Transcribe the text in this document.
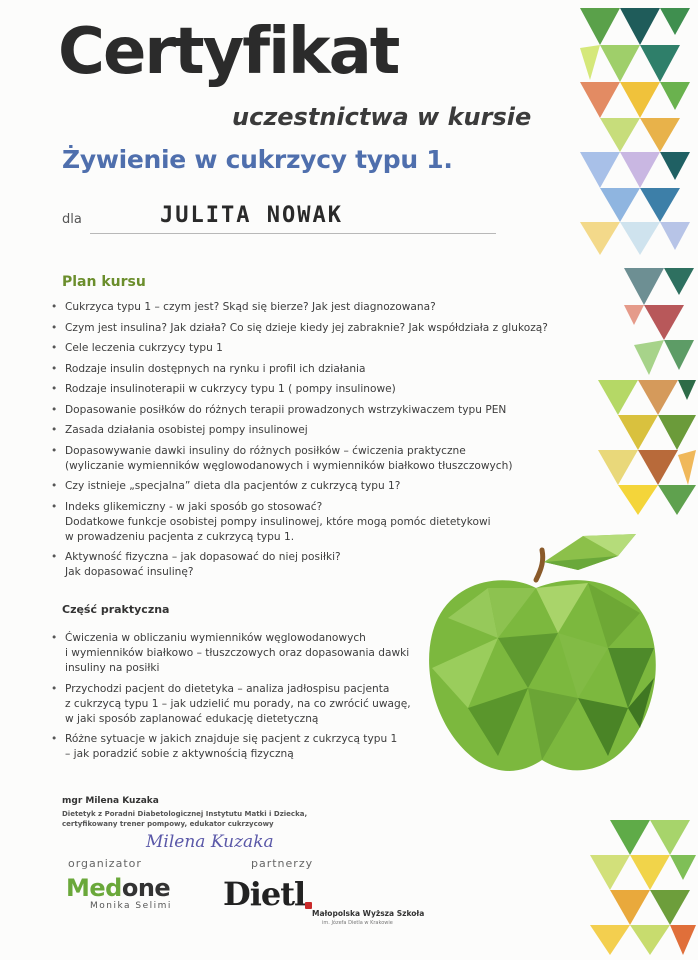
Certyfikat
uczestnictwa w kursie
Żywienie w cukrzycy typu 1.
dla	JULITA NOWAK
Plan kursu
• Cukrzyca typu 1 – czym jest? Skąd się bierze? Jak jest diagnozowana?
• Czym jest insulina? Jak działa? Co się dzieje kiedy jej zabraknie? Jak współdziała z glukozą?
• Cele leczenia cukrzycy typu 1
• Rodzaje insulin dostępnych na rynku i profil ich działania
• Rodzaje insulinoterapii w cukrzycy typu 1 ( pompy insulinowe)
• Dopasowanie posiłków do różnych terapii prowadzonych wstrzykiwaczem typu PEN
• Zasada działania osobistej pompy insulinowej
• Dopasowywanie dawki insuliny do różnych posiłków – ćwiczenia praktyczne
(wyliczanie wymienników węglowodanowych i wymienników białkowo tłuszczowych)
• Czy istnieje „specjalna” dieta dla pacjentów z cukrzycą typu 1?
• Indeks glikemiczny - w jaki sposób go stosować?
Dodatkowe funkcje osobistej pompy insulinowej, które mogą pomóc dietetykowi
w prowadzeniu pacjenta z cukrzycą typu 1.
• Aktywność fizyczna – jak dopasować do niej posiłki?
Jak dopasować insulinę?
Część praktyczna
• Ćwiczenia w obliczaniu wymienników węglowodanowych
i wymienników białkowo – tłuszczowych oraz dopasowania dawki
insuliny na posiłki
• Przychodzi pacjent do dietetyka – analiza jadłospisu pacjenta
z cukrzycą typu 1 – jak udzielić mu porady, na co zwrócić uwagę,
w jaki sposób zaplanować edukację dietetyczną
• Różne sytuacje w jakich znajduje się pacjent z cukrzycą typu 1
– jak poradzić sobie z aktywnością fizyczną
mgr Milena Kuzaka
Dietetyk z Poradni Diabetologicznej Instytutu Matki i Dziecka, certyfikowany trener pompowy, edukator cukrzycowy
Milena Kuzaka
organizator	partnerzy
Medone
Monika Selimi Dietl
Małopolska Wyższa Szkoła
im. Józefa Dietla w Krakowie
